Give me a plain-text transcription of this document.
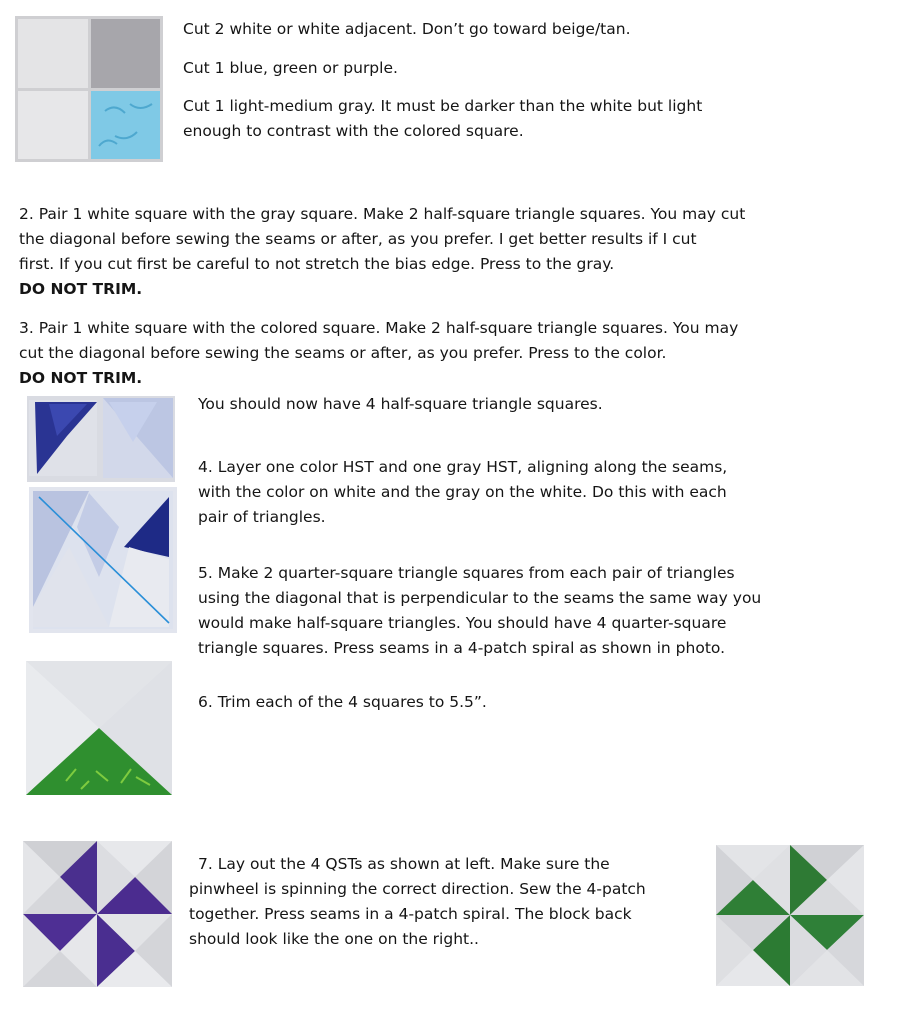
Cut 2 white or white adjacent. Don’t go toward beige/tan.
Cut 1 blue, green or purple.

Cut 1 light-medium gray. It must be darker than the white but light

enough to contrast with the colored square.

2. Pair 1 white square with the gray square. Make 2 half-square triangle squares. You may cut

the diagonal before sewing the seams or after, as you prefer. I get better results if I cut

first. If you cut first be careful to not stretch the bias edge. Press to the gray.

DO NOT TRIM.

3. Pair 1 white square with the colored square. Make 2 half-square triangle squares. You may

cut the diagonal before sewing the seams or after, as you prefer. Press to the color.

DO NOT TRIM.

You should now have 4 half-square triangle squares.

4. Layer one color HST and one gray HST, aligning along the seams,

with the color on white and the gray on the white. Do this with each

pair of triangles.

5. Make 2 quarter-square triangle squares from each pair of triangles

using the diagonal that is perpendicular to the seams the same way you

would make half-square triangles. You should have 4 quarter-square

triangle squares. Press seams in a 4-patch spiral as shown in photo.

6. Trim each of the 4 squares to 5.5”.

7. Lay out the 4 QSTs as shown at left. Make sure the

pinwheel is spinning the correct direction. Sew the 4-patch

together. Press seams in a 4-patch spiral. The block back

should look like the one on the right..
